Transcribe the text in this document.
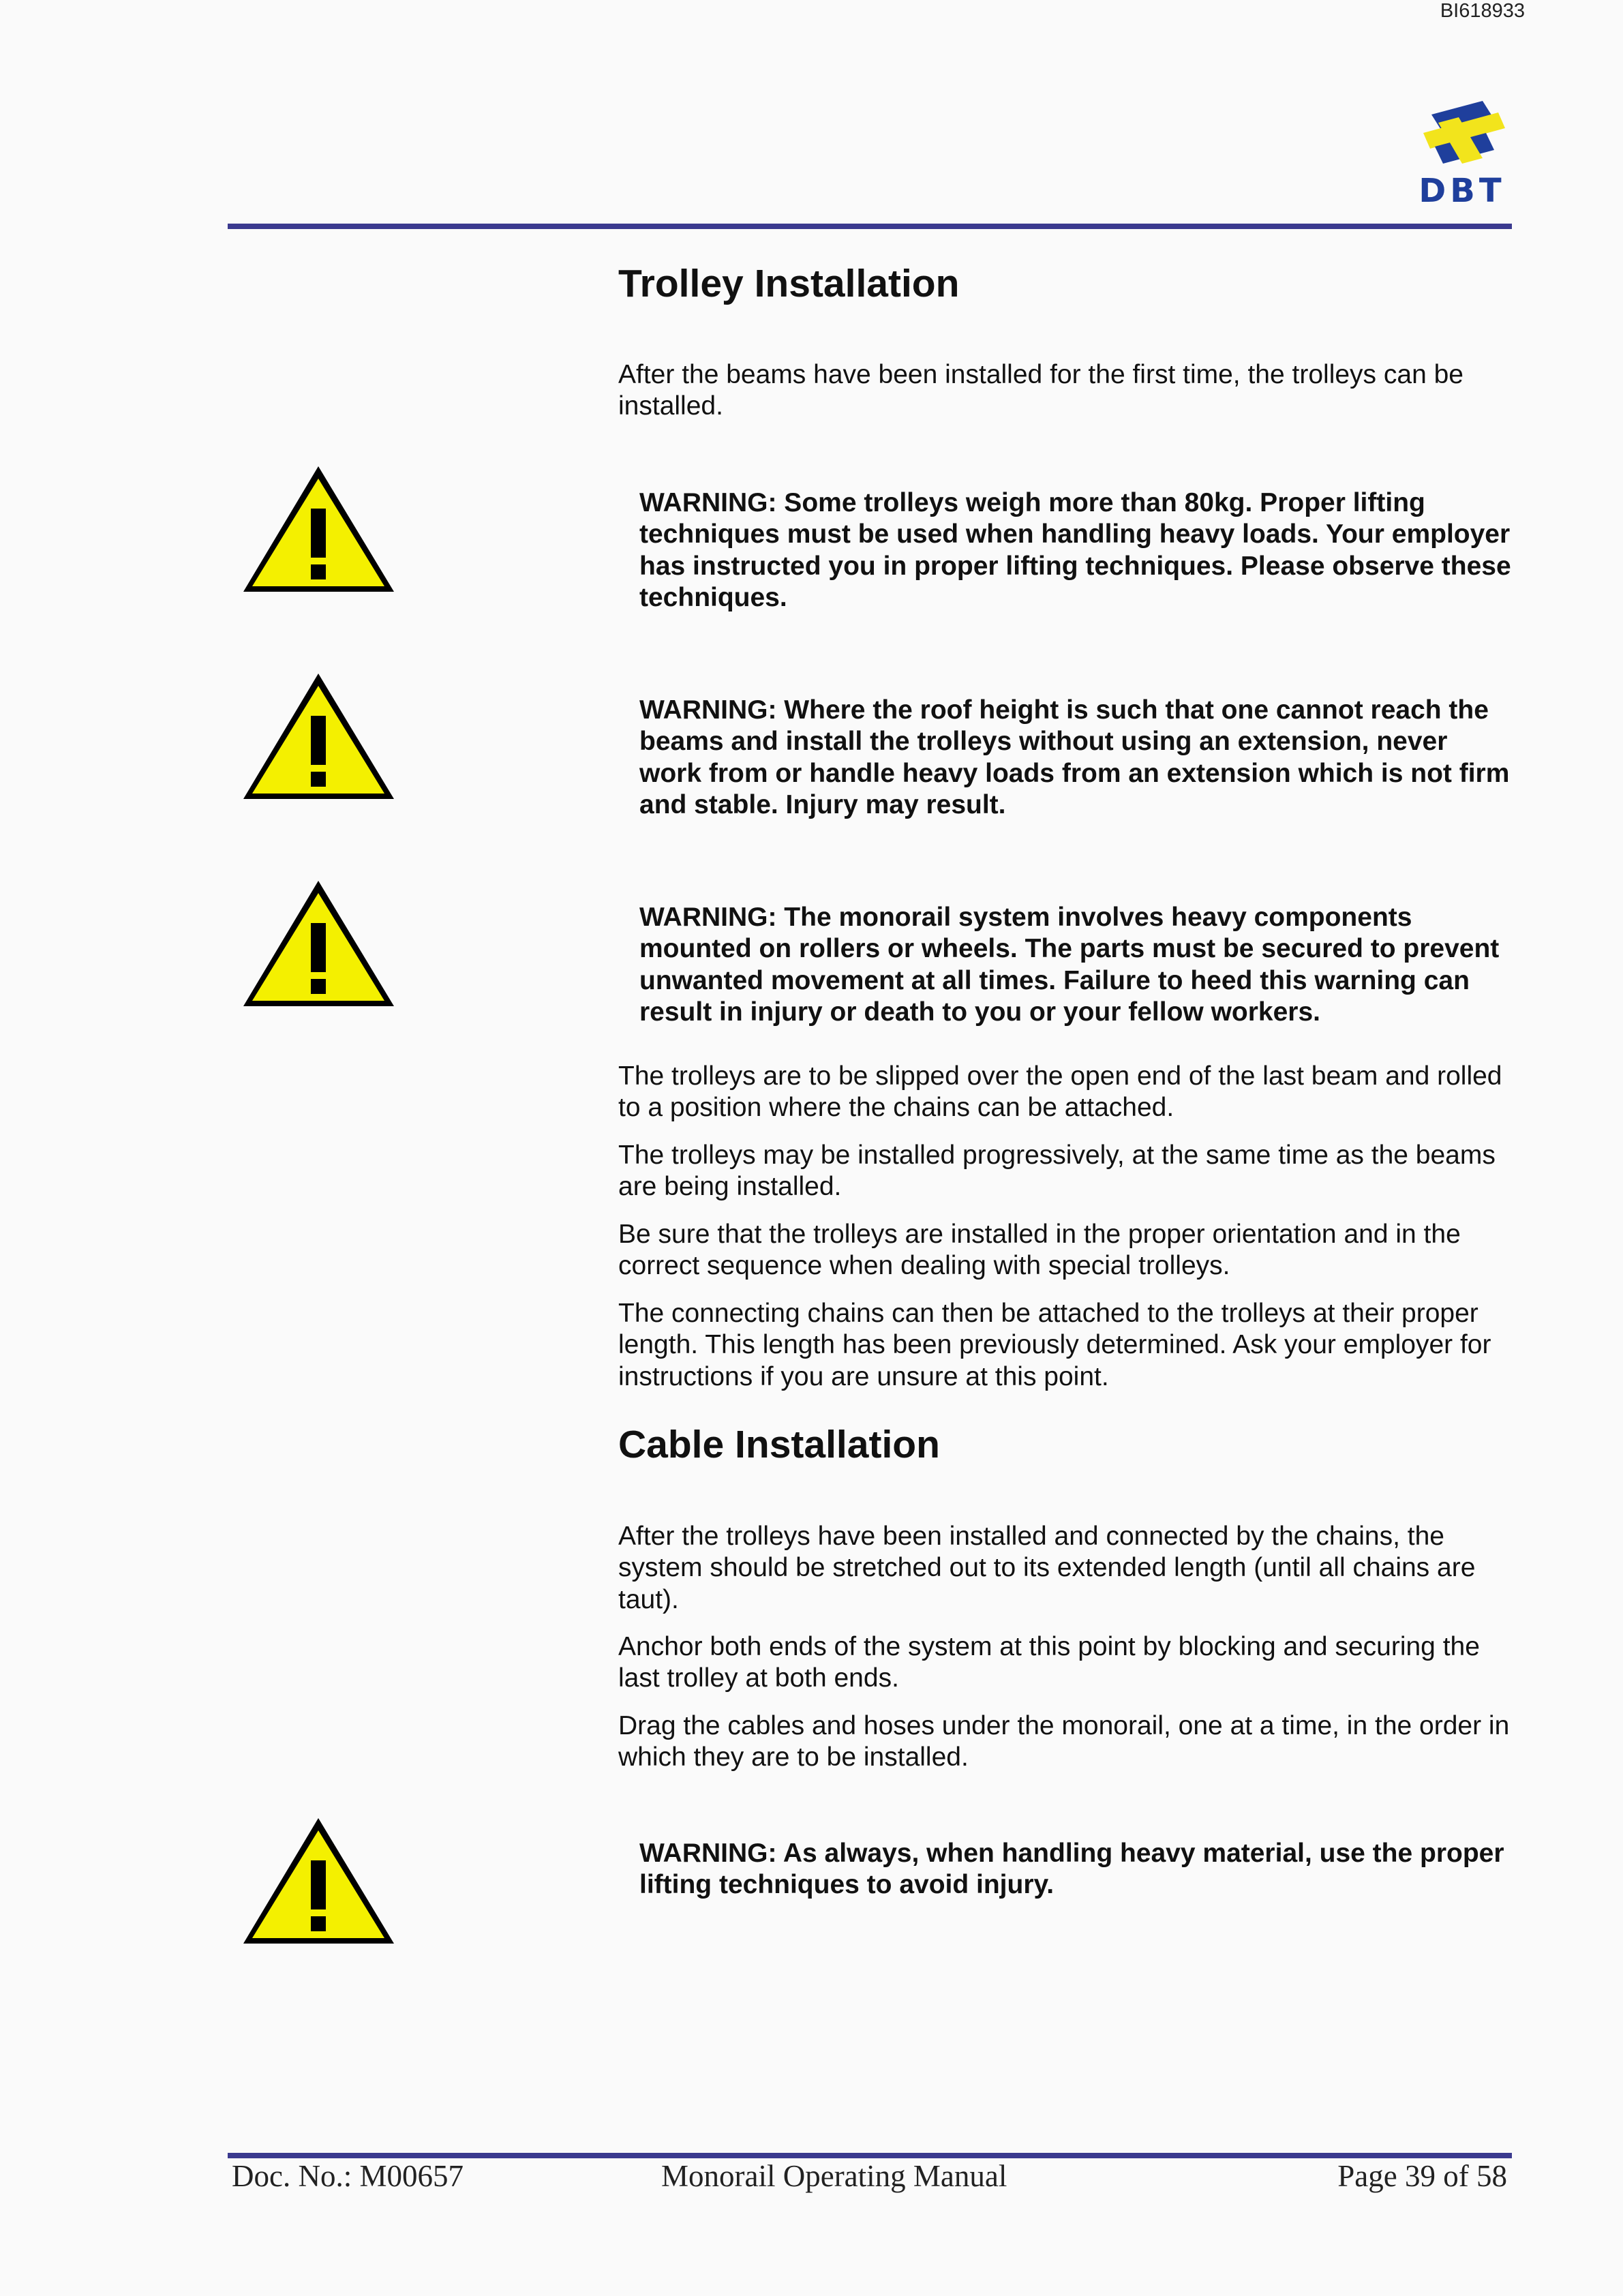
BI618933
DBT
Trolley Installation

After the beams have been installed for the first time, the trolleys can be installed.

WARNING: Some trolleys weigh more than 80kg. Proper lifting techniques must be used when handling heavy loads. Your employer has instructed you in proper lifting techniques. Please observe these techniques.
WARNING: Where the roof height is such that one cannot reach the beams and install the trolleys without using an extension, never work from or handle heavy loads from an extension which is not firm and stable. Injury may result.
WARNING: The monorail system involves heavy components mounted on rollers or wheels. The parts must be secured to prevent unwanted movement at all times. Failure to heed this warning can result in injury or death to you or your fellow workers.

The trolleys are to be slipped over the open end of the last beam and rolled to a position where the chains can be attached.

The trolleys may be installed progressively, at the same time as the beams are being installed.

Be sure that the trolleys are installed in the proper orientation and in the correct sequence when dealing with special trolleys.

The connecting chains can then be attached to the trolleys at their proper length. This length has been previously determined. Ask your employer for instructions if you are unsure at this point.

Cable Installation

After the trolleys have been installed and connected by the chains, the system should be stretched out to its extended length (until all chains are taut).

Anchor both ends of the system at this point by blocking and securing the last trolley at both ends.

Drag the cables and hoses under the monorail, one at a time, in the order in which they are to be installed.

WARNING: As always, when handling heavy material, use the proper lifting techniques to avoid injury.
Doc. No.: M00657	Monorail Operating Manual	Page 39 of 58
